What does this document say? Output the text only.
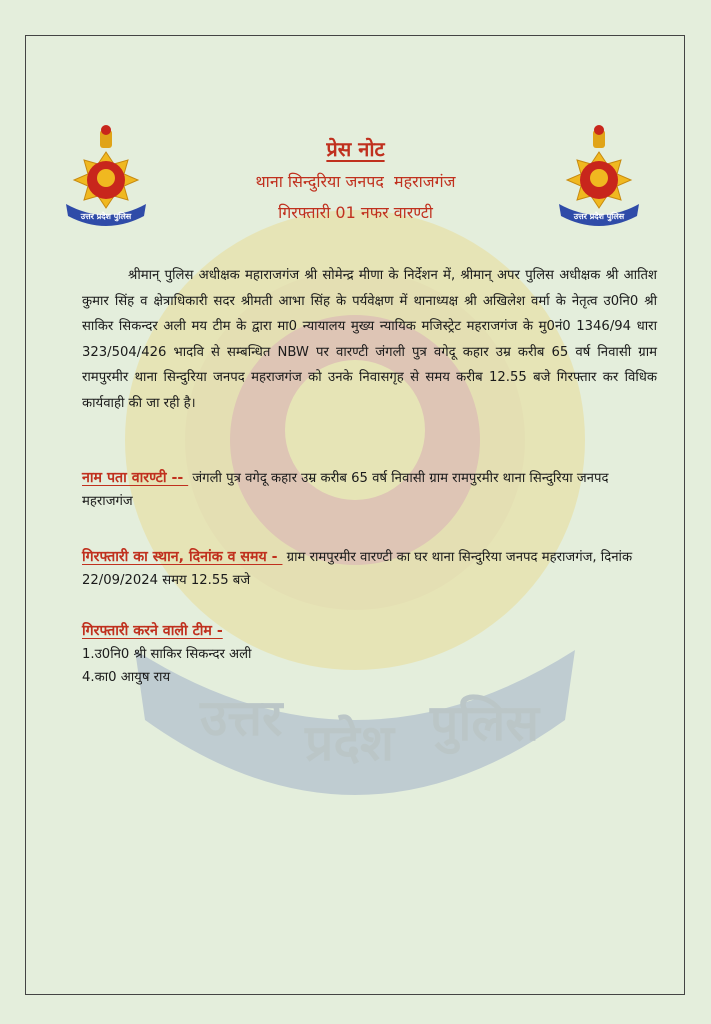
उत्तर प्रदेश पुलिस
उत्तर प्रदेश पुलिस	उत्तर प्रदेश पुलिस
प्रेस नोट

थाना सिन्दुरिया जनपद  महराजगंज

गिरफ्तारी 01 नफर वारण्टी

श्रीमान् पुलिस अधीक्षक महाराजगंज श्री सोमेन्द्र मीणा के निर्देशन में, श्रीमान् अपर पुलिस अधीक्षक श्री आतिश कुमार सिंह व क्षेत्राधिकारी सदर श्रीमती आभा सिंह के पर्यवेक्षण में थानाध्यक्ष श्री अखिलेश वर्मा के नेतृत्व उ0नि0 श्री साकिर सिकन्दर अली मय टीम के द्वारा मा0 न्यायालय मुख्य न्यायिक मजिस्ट्रेट महराजगंज के मु0नं0 1346/94 धारा 323/504/426 भादवि से सम्बन्धित NBW पर वारण्टी जंगली पुत्र वगेदू कहार उम्र करीब 65 वर्ष निवासी ग्राम रामपुरमीर थाना सिन्दुरिया जनपद महराजगंज को उनके निवासगृह से समय करीब 12.55 बजे गिरफ्तार कर विधिक कार्यवाही की जा रही है।

नाम पता वारण्टी --  जंगली पुत्र वगेदू कहार उम्र करीब 65 वर्ष निवासी ग्राम रामपुरमीर थाना सिन्दुरिया जनपद महराजगंज

गिरफ्तारी का स्थान, दिनांक व समय -  ग्राम रामपुरमीर वारण्टी का घर थाना सिन्दुरिया जनपद महराजगंज, दिनांक 22/09/2024 समय 12.55 बजे

गिरफ्तारी करने वाली टीम -
1.उ0नि0 श्री साकिर सिकन्दर अली
4.का0 आयुष राय
